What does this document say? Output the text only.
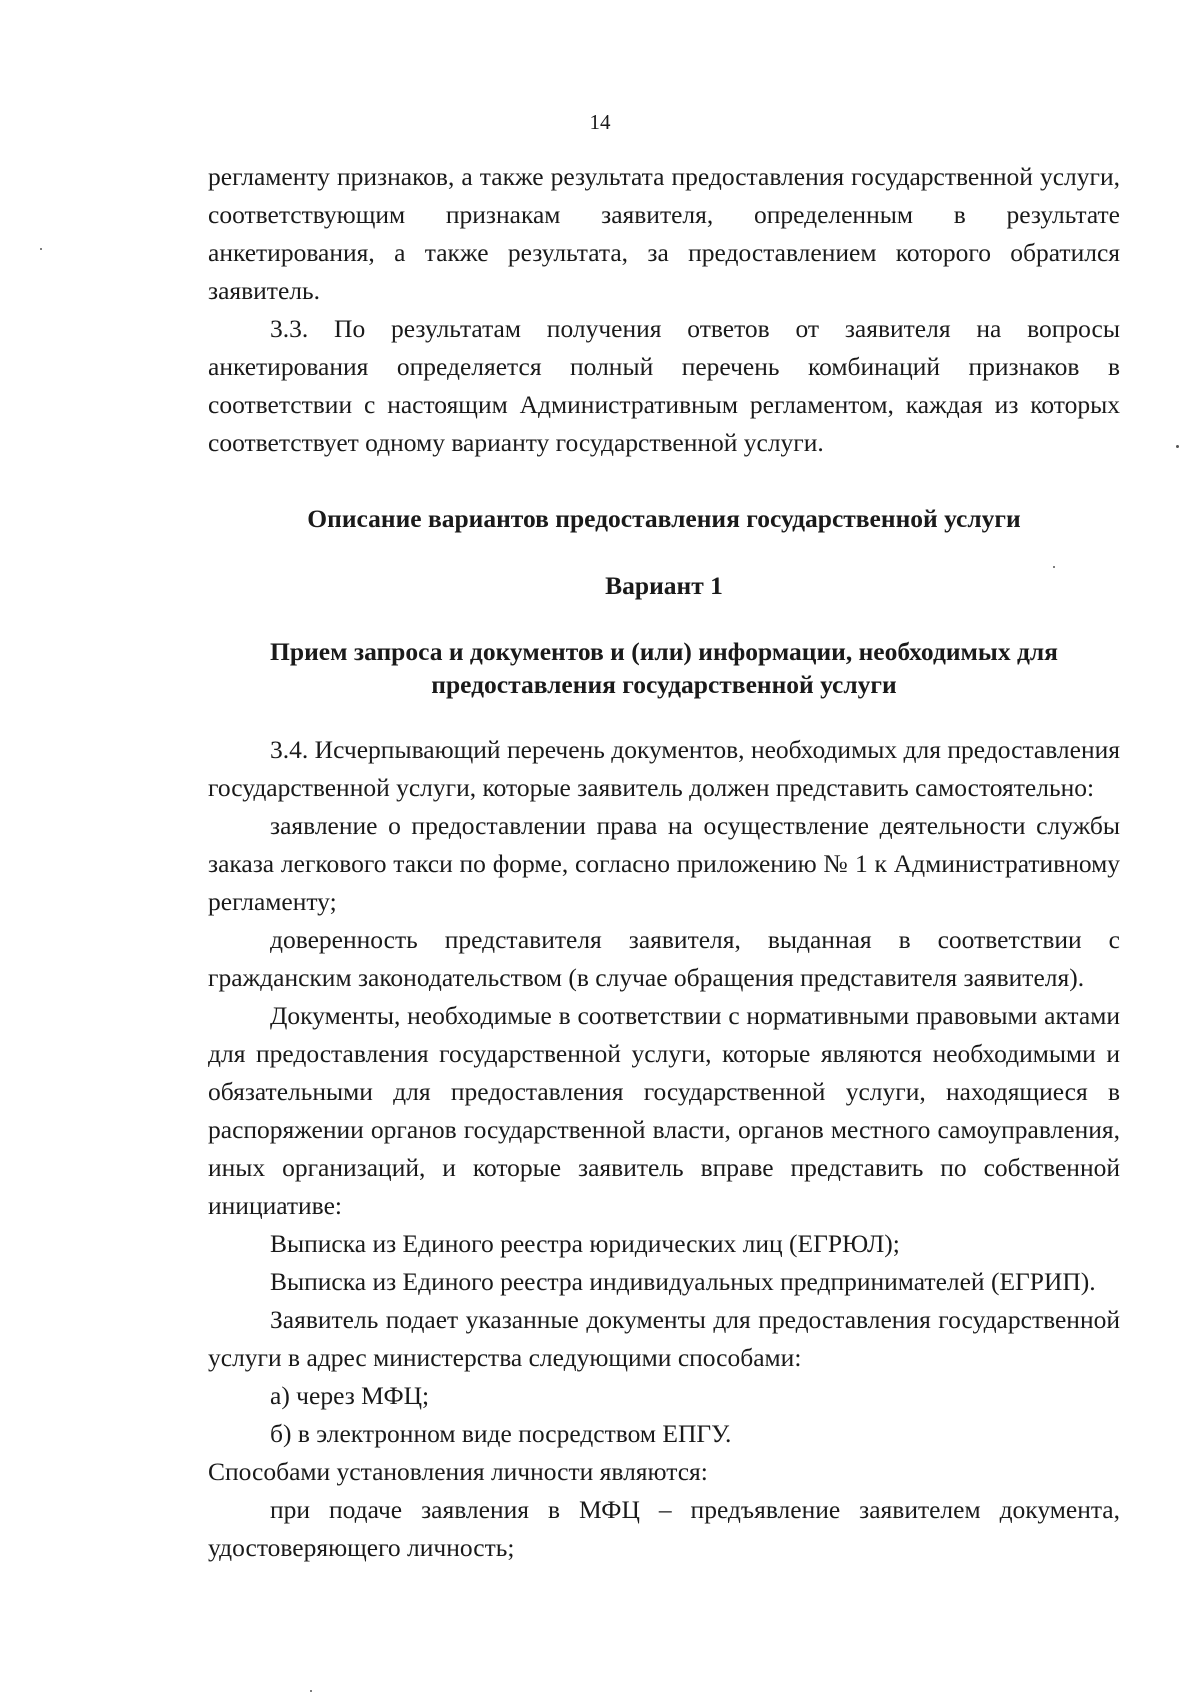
14

регламенту признаков, а также результата предоставления государственной услуги, соответствующим признакам заявителя, определенным в результате анкетирования, а также результата, за предоставлением которого обратился заявитель.

3.3. По результатам получения ответов от заявителя на вопросы анкетирования определяется полный перечень комбинаций признаков в соответствии с настоящим Административным регламентом, каждая из которых соответствует одному варианту государственной услуги.

Описание вариантов предоставления государственной услуги

Вариант 1

Прием запроса и документов и (или) информации, необходимых для предоставления государственной услуги

3.4. Исчерпывающий перечень документов, необходимых для предоставления государственной услуги, которые заявитель должен представить самостоятельно:

заявление о предоставлении права на осуществление деятельности службы заказа легкового такси по форме, согласно приложению № 1 к Административному регламенту;

доверенность представителя заявителя, выданная в соответствии с гражданским законодательством (в случае обращения представителя заявителя).

Документы, необходимые в соответствии с нормативными правовыми актами для предоставления государственной услуги, которые являются необходимыми и обязательными для предоставления государственной услуги, находящиеся в распоряжении органов государственной власти, органов местного самоуправления, иных организаций, и которые заявитель вправе представить по собственной инициативе:

Выписка из Единого реестра юридических лиц (ЕГРЮЛ);

Выписка из Единого реестра индивидуальных предпринимателей (ЕГРИП).

Заявитель подает указанные документы для предоставления государственной услуги в адрес министерства следующими способами:

а) через МФЦ;

б) в электронном виде посредством ЕПГУ.

Способами установления личности являются:

при подаче заявления в МФЦ – предъявление заявителем документа, удостоверяющего личность;
